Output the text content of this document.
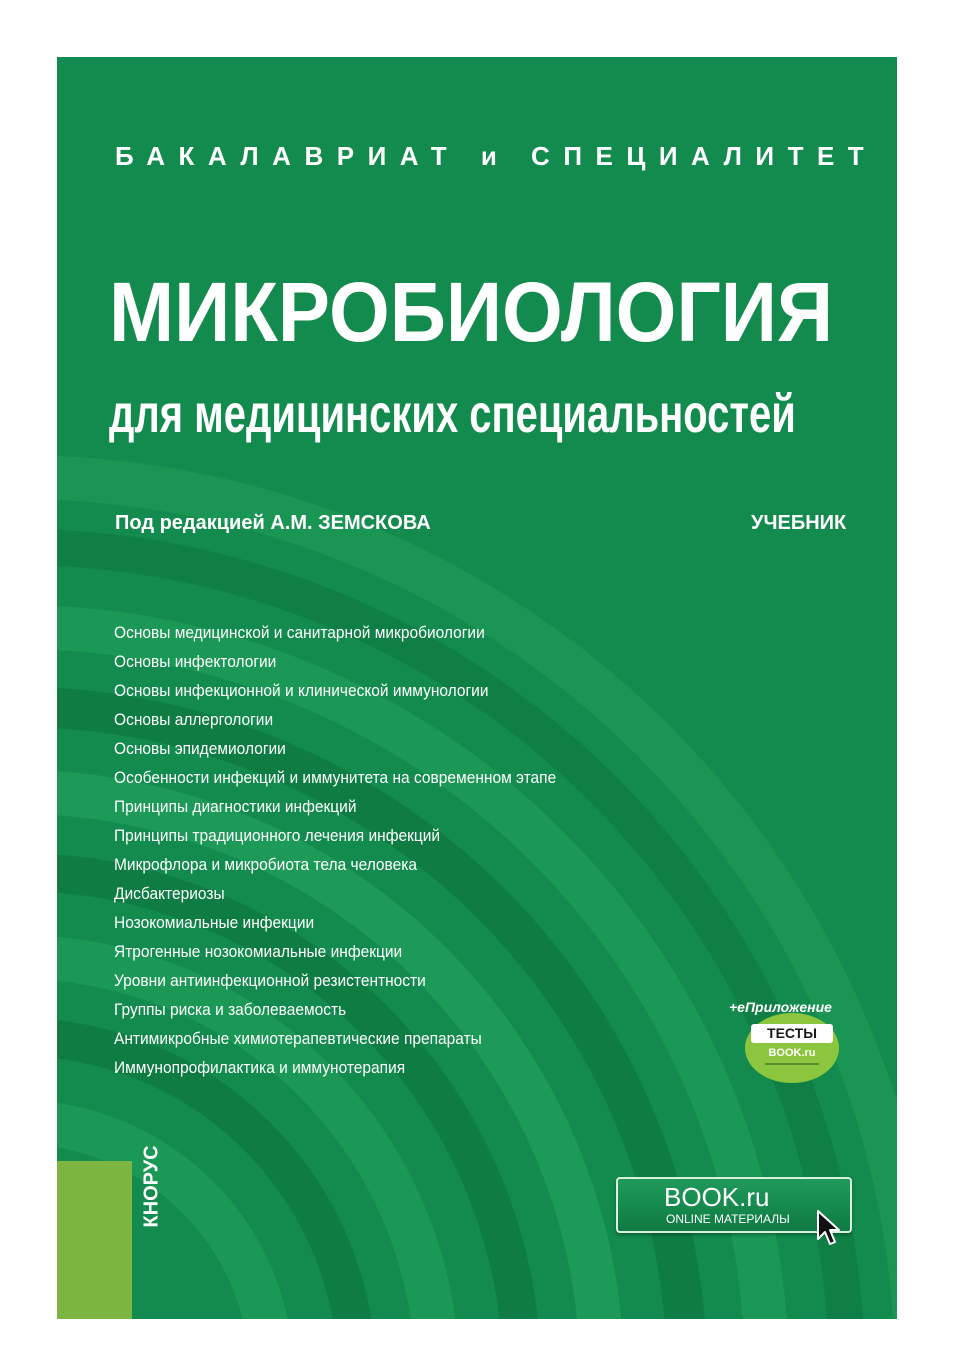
БАКАЛАВРИАТ и СПЕЦИАЛИТЕТ
МИКРОБИОЛОГИЯ
для медицинских специальностей
Под редакцией А.М. ЗЕМСКОВА	УЧЕБНИК
Основы медицинской и санитарной микробиологии
Основы инфектологии
Основы инфекционной и клинической иммунологии
Основы аллергологии
Основы эпидемиологии
Особенности инфекций и иммунитета на современном этапе
Принципы диагностики инфекций
Принципы традиционного лечения инфекций
Микрофлора и микробиота тела человека
Дисбактериозы
Нозокомиальные инфекции
Ятрогенные нозокомиальные инфекции
Уровни антиинфекционной резистентности
Группы риска и заболеваемость
Антимикробные химиотерапевтические препараты
Иммунопрофилактика и иммунотерапия
КНОРУС
+еПриложение
ТЕСТЫ
BOOK.ru
BOOK.ru
ONLINE МАТЕРИАЛЫ
